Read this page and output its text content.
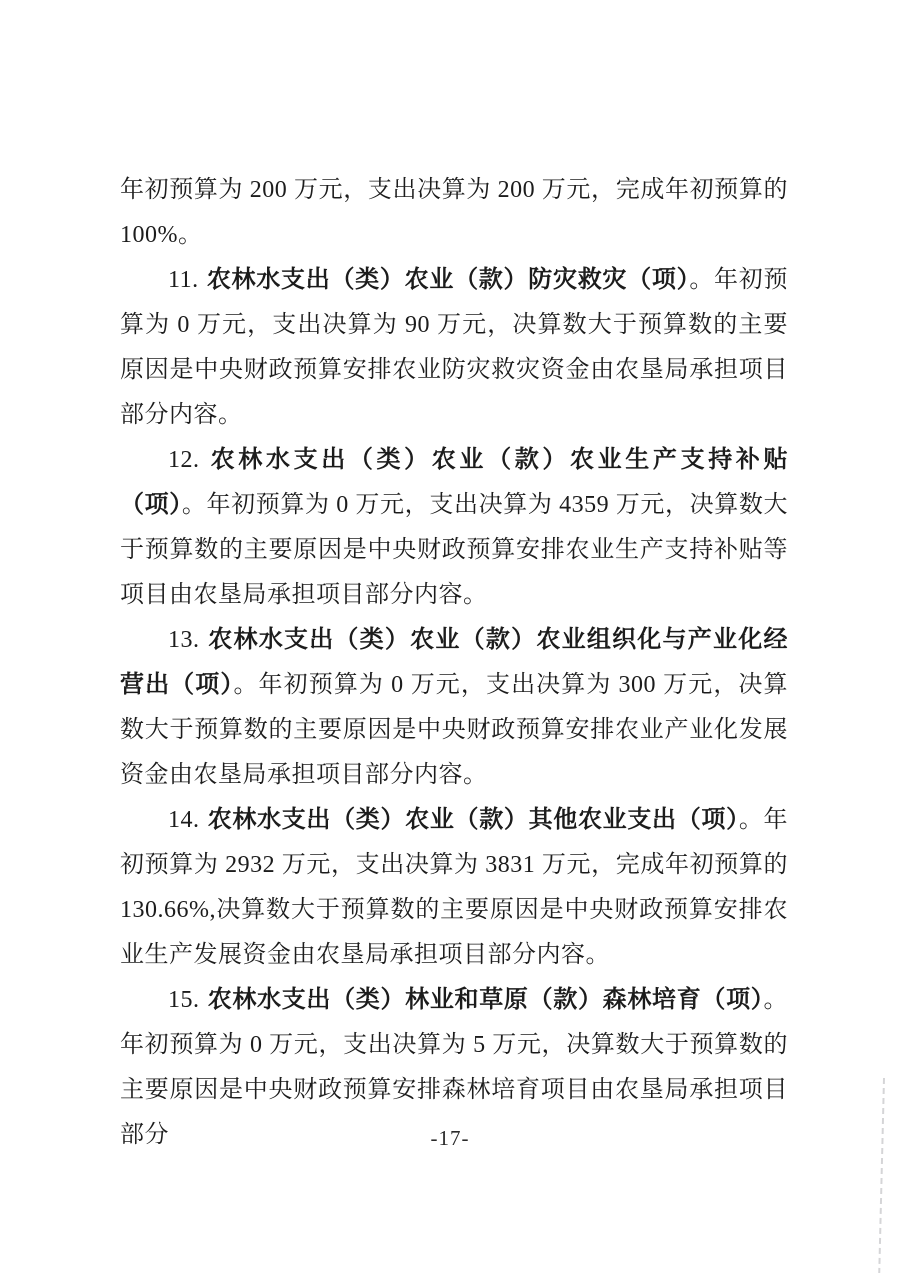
年初预算为 200 万元，支出决算为 200 万元，完成年初预算的100%。

11. 农林水支出（类）农业（款）防灾救灾（项）。年初预算为 0 万元，支出决算为 90 万元，决算数大于预算数的主要原因是中央财政预算安排农业防灾救灾资金由农垦局承担项目部分内容。

12. 农林水支出（类）农业（款）农业生产支持补贴（项）。年初预算为 0 万元，支出决算为 4359 万元，决算数大于预算数的主要原因是中央财政预算安排农业生产支持补贴等项目由农垦局承担项目部分内容。

13. 农林水支出（类）农业（款）农业组织化与产业化经营出（项）。年初预算为 0 万元，支出决算为 300 万元，决算数大于预算数的主要原因是中央财政预算安排农业产业化发展资金由农垦局承担项目部分内容。

14. 农林水支出（类）农业（款）其他农业支出（项）。年初预算为 2932 万元，支出决算为 3831 万元，完成年初预算的130.66%,决算数大于预算数的主要原因是中央财政预算安排农业生产发展资金由农垦局承担项目部分内容。

15. 农林水支出（类）林业和草原（款）森林培育（项）。年初预算为 0 万元，支出决算为 5 万元，决算数大于预算数的主要原因是中央财政预算安排森林培育项目由农垦局承担项目部分	-17-
